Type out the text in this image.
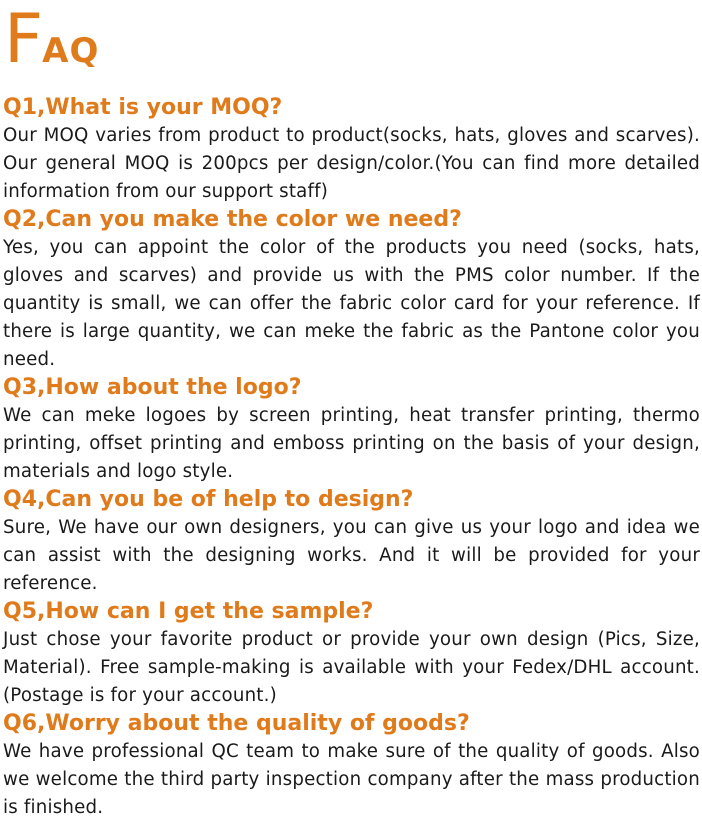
FAQ

Q1,What is your MOQ?

Our MOQ varies from product to product(socks, hats, gloves and scarves). Our general MOQ is 200pcs per design/color.(You can find more detailed information from our support staff)

Q2,Can you make the color we need?

Yes, you can appoint the color of the products you need (socks, hats, gloves and scarves) and provide us with the PMS color number. If the quantity is small, we can offer the fabric color card for your reference. If there is large quantity, we can meke the fabric as the Pantone color you need.

Q3,How about the logo?

We can meke logoes by screen printing, heat transfer printing, thermo printing, offset printing and emboss printing on the basis of your design, materials and logo style.

Q4,Can you be of help to design?

Sure, We have our own designers, you can give us your logo and idea we can assist with the designing works. And it will be provided for your reference.

Q5,How can I get the sample?

Just chose your favorite product or provide your own design (Pics, Size, Material). Free sample-making is available with your Fedex/DHL account. (Postage is for your account.)

Q6,Worry about the quality of goods?

We have professional QC team to make sure of the quality of goods. Also we welcome the third party inspection company after the mass production is finished.
